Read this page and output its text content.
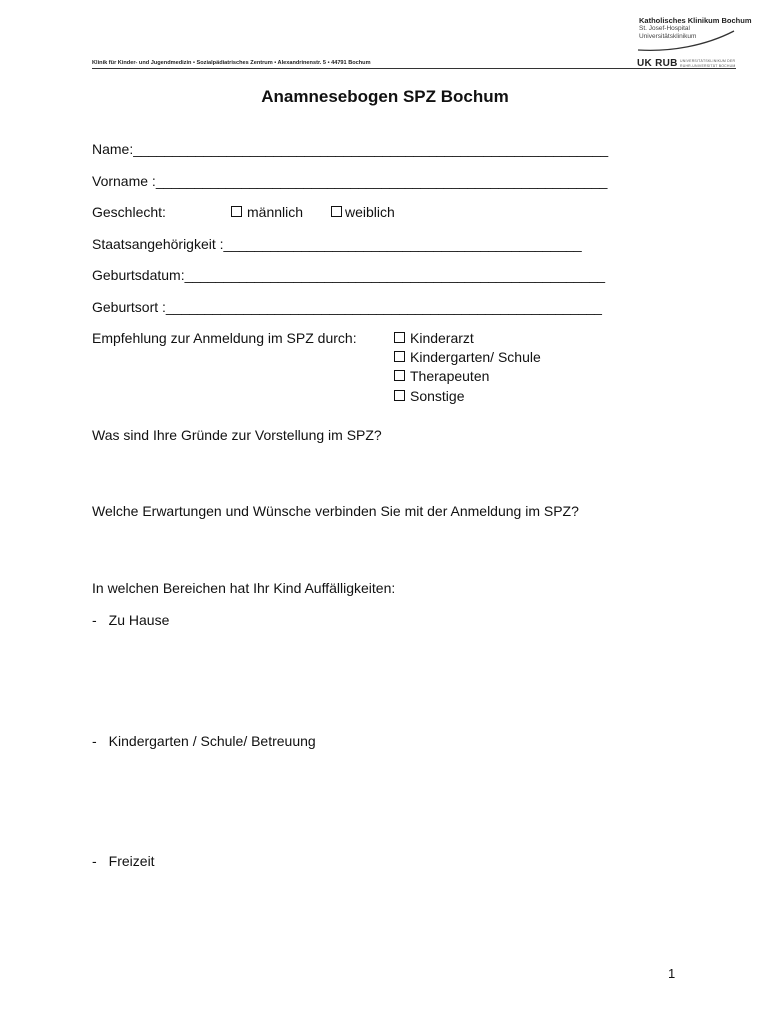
Katholisches Klinikum Bochum
St. Josef-Hospital
Universitätsklinikum
UK RUB UNIVERSITÄTSKLINIKUM DER
RUHR-UNIVERSITÄT BOCHUM
Klinik für Kinder- und Jugendmedizin • Sozialpädiatrisches Zentrum • Alexandrinenstr. 5 • 44791 Bochum
Anamnesebogen SPZ Bochum
Name:_____________________________________________________________
Vorname :__________________________________________________________
Geschlecht:	männlich	weiblich
Staatsangehörigkeit :______________________________________________
Geburtsdatum:______________________________________________________
Geburtsort :________________________________________________________
Empfehlung zur Anmeldung im SPZ durch:	Kinderarzt
Kindergarten/ Schule
Therapeuten
Sonstige
Was sind Ihre Gründe zur Vorstellung im SPZ?
Welche Erwartungen und Wünsche verbinden Sie mit der Anmeldung im SPZ?
In welchen Bereichen hat Ihr Kind Auffälligkeiten:
- Zu Hause
- Kindergarten / Schule/ Betreuung
- Freizeit
1
